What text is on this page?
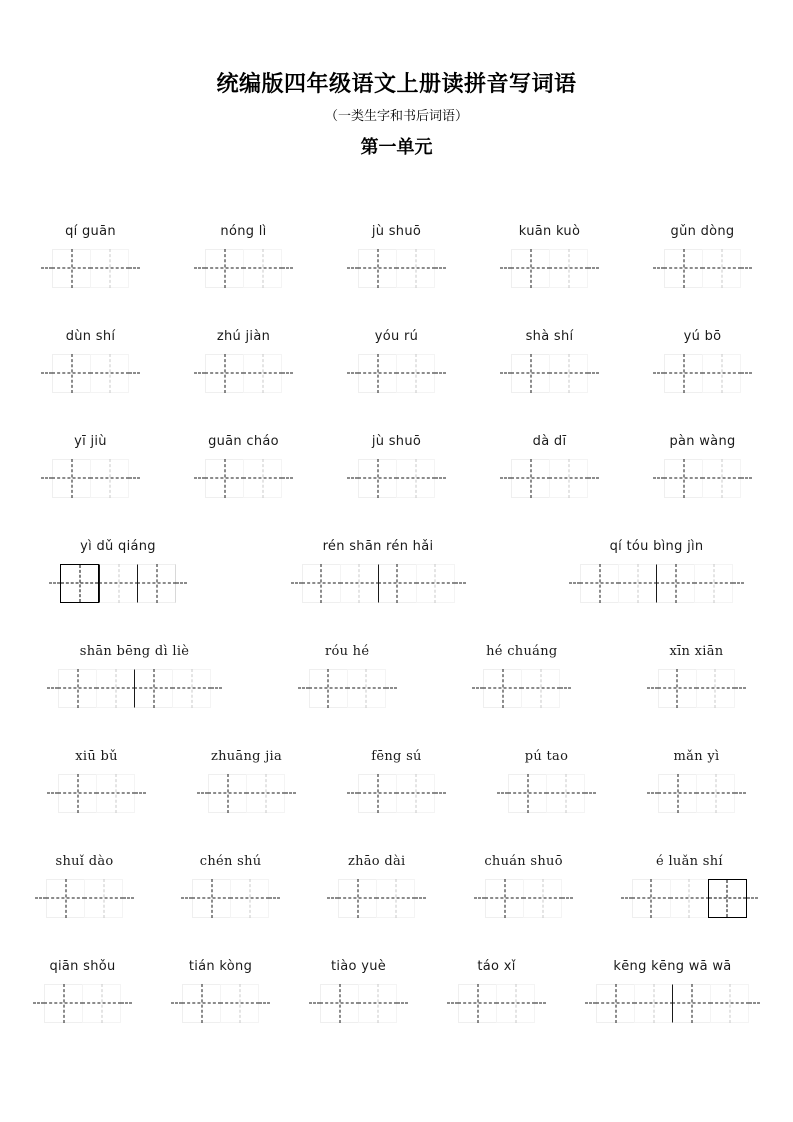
统编版四年级语文上册读拼音写词语
（一类生字和书后词语）
第一单元
qí guān	nóng lì	jù shuō	kuān kuò	gǔn dòng
dùn shí	zhú jiàn	yóu rú	shà shí	yú bō
yī jiù	guān cháo	jù shuō	dà dī	pàn wàng
yì dǔ qiáng	rén shān rén hǎi	qí tóu bìng jìn
shān bēng dì liè	róu hé	hé chuáng	xīn xiān
xiū bǔ	zhuāng jia	fēng sú	pú tao	mǎn yì
shuǐ dào	chén shú	zhāo dài	chuán shuō	é luǎn shí
qiān shǒu	tián kòng	tiào yuè	táo xǐ	kēng kēng wā wā
